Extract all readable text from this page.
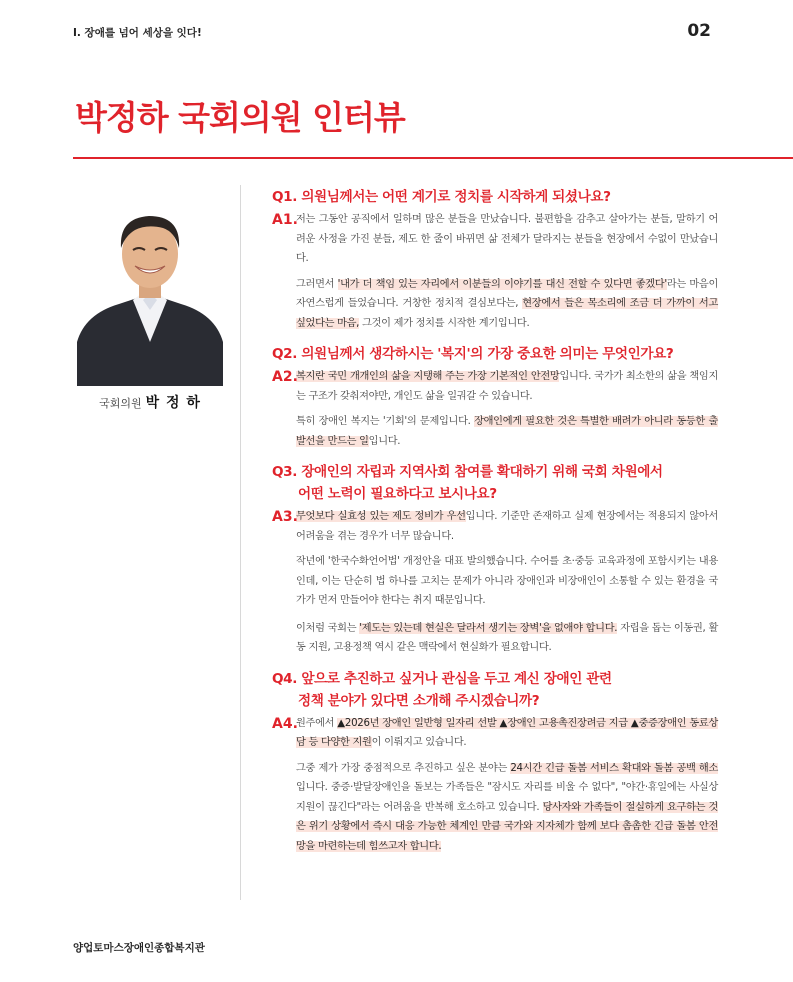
Ⅰ. 장애를 넘어 세상을 잇다!	02
박정하 국회의원 인터뷰
국회의원 박 정 하
Q1. 의원님께서는 어떤 계기로 정치를 시작하게 되셨나요?
A1.

저는 그동안 공직에서 일하며 많은 분들을 만났습니다. 불편함을 감추고 살아가는 분들, 말하기 어려운 사정을 가진 분들, 제도 한 줄이 바뀌면 삶 전체가 달라지는 분들을 현장에서 수없이 만났습니다.

그러면서 '내가 더 책임 있는 자리에서 이분들의 이야기를 대신 전할 수 있다면 좋겠다'라는 마음이 자연스럽게 들었습니다. 거창한 정치적 결심보다는, 현장에서 들은 목소리에 조금 더 가까이 서고 싶었다는 마음, 그것이 제가 정치를 시작한 계기입니다.

Q2. 의원님께서 생각하시는 '복지'의 가장 중요한 의미는 무엇인가요?
A2.

복지란 국민 개개인의 삶을 지탱해 주는 가장 기본적인 안전망입니다. 국가가 최소한의 삶을 책임지는 구조가 갖춰져야만, 개인도 삶을 일궈갈 수 있습니다.

특히 장애인 복지는 '기회'의 문제입니다. 장애인에게 필요한 것은 특별한 배려가 아니라 동등한 출발선을 만드는 일입니다.

Q3. 장애인의 자립과 지역사회 참여를 확대하기 위해 국회 차원에서
어떤 노력이 필요하다고 보시나요?
A3.

무엇보다 실효성 있는 제도 정비가 우선입니다. 기준만 존재하고 실제 현장에서는 적용되지 않아서 어려움을 겪는 경우가 너무 많습니다.

작년에 '한국수화언어법' 개정안을 대표 발의했습니다. 수어를 초·중등 교육과정에 포함시키는 내용인데, 이는 단순히 법 하나를 고치는 문제가 아니라 장애인과 비장애인이 소통할 수 있는 환경을 국가가 먼저 만들어야 한다는 취지 때문입니다.

이처럼 국회는 '제도는 있는데 현실은 달라서 생기는 장벽'을 없애야 합니다. 자립을 돕는 이동권, 활동 지원, 고용정책 역시 같은 맥락에서 현실화가 필요합니다.

Q4. 앞으로 추진하고 싶거나 관심을 두고 계신 장애인 관련
정책 분야가 있다면 소개해 주시겠습니까?
A4.

원주에서 ▲2026년 장애인 일반형 일자리 선발 ▲장애인 고용촉진장려금 지급 ▲중증장애인 동료상담 등 다양한 지원이 이뤄지고 있습니다.

그중 제가 가장 중점적으로 추진하고 싶은 분야는 24시간 긴급 돌봄 서비스 확대와 돌봄 공백 해소입니다. 중증·발달장애인을 돌보는 가족들은 "잠시도 자리를 비울 수 없다", "야간·휴일에는 사실상 지원이 끊긴다"라는 어려움을 반복해 호소하고 있습니다. 당사자와 가족들이 절실하게 요구하는 것은 위기 상황에서 즉시 대응 가능한 체계인 만큼 국가와 지자체가 함께 보다 촘촘한 긴급 돌봄 안전망을 마련하는데 힘쓰고자 합니다.

양업토마스장애인종합복지관
